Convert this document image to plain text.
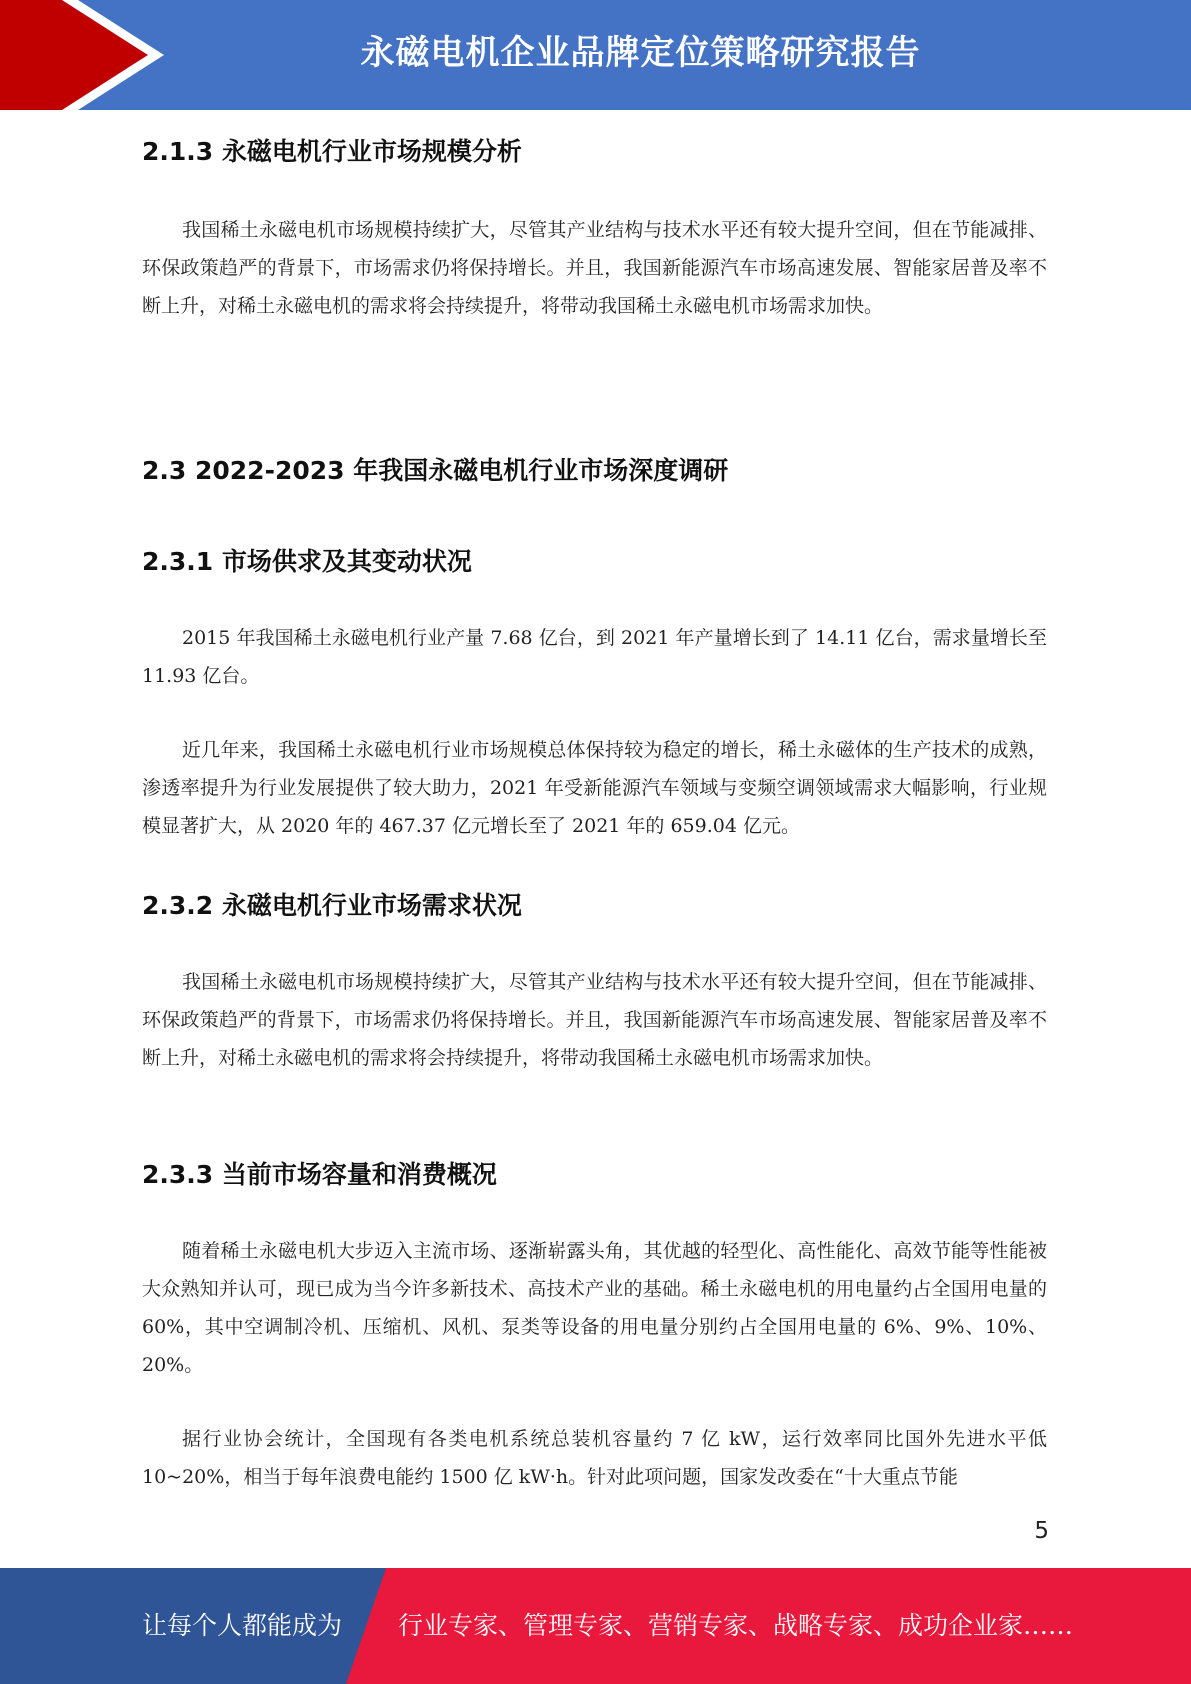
永磁电机企业品牌定位策略研究报告
2.1.3 永磁电机行业市场规模分析

我国稀土永磁电机市场规模持续扩大，尽管其产业结构与技术水平还有较大提升空间，但在节能减排、环保政策趋严的背景下，市场需求仍将保持增长。并且，我国新能源汽车市场高速发展、智能家居普及率不断上升，对稀土永磁电机的需求将会持续提升，将带动我国稀土永磁电机市场需求加快。

2.3 2022-2023 年我国永磁电机行业市场深度调研
2.3.1 市场供求及其变动状况

2015 年我国稀土永磁电机行业产量 7.68 亿台，到 2021 年产量增长到了 14.11 亿台，需求量增长至 11.93 亿台。

近几年来，我国稀土永磁电机行业市场规模总体保持较为稳定的增长，稀土永磁体的生产技术的成熟，渗透率提升为行业发展提供了较大助力，2021 年受新能源汽车领域与变频空调领域需求大幅影响，行业规模显著扩大，从 2020 年的 467.37 亿元增长至了 2021 年的 659.04 亿元。

2.3.2 永磁电机行业市场需求状况

我国稀土永磁电机市场规模持续扩大，尽管其产业结构与技术水平还有较大提升空间，但在节能减排、环保政策趋严的背景下，市场需求仍将保持增长。并且，我国新能源汽车市场高速发展、智能家居普及率不断上升，对稀土永磁电机的需求将会持续提升，将带动我国稀土永磁电机市场需求加快。

2.3.3 当前市场容量和消费概况

随着稀土永磁电机大步迈入主流市场、逐渐崭露头角，其优越的轻型化、高性能化、高效节能等性能被大众熟知并认可，现已成为当今许多新技术、高技术产业的基础。稀土永磁电机的用电量约占全国用电量的 60%，其中空调制冷机、压缩机、风机、泵类等设备的用电量分别约占全国用电量的 6%、9%、10%、20%。

据行业协会统计，全国现有各类电机系统总装机容量约 7 亿 kW，运行效率同比国外先进水平低 10~20%，相当于每年浪费电能约 1500 亿 kW·h。针对此项问题，国家发改委在“十大重点节能

5
让每个人都能成为 行业专家、管理专家、营销专家、战略专家、成功企业家……
